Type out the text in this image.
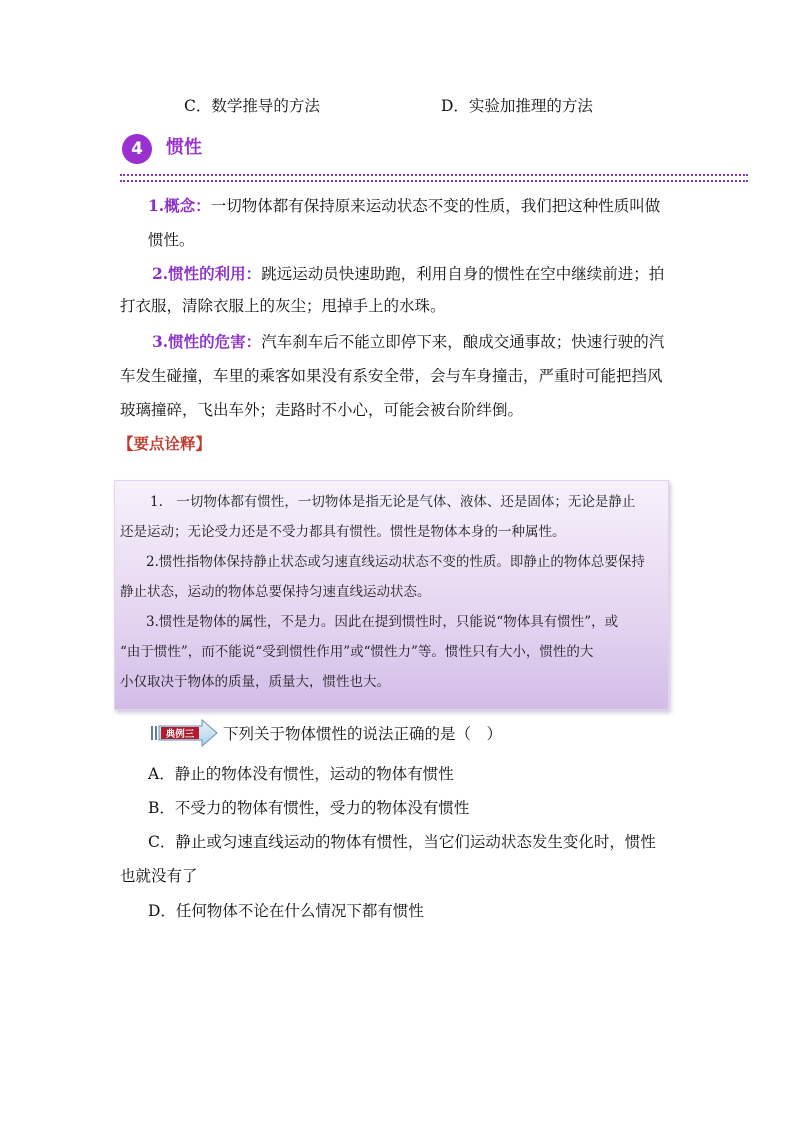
C．数学推导的方法	D．实验加推理的方法
4	惯性
1.概念：一切物体都有保持原来运动状态不变的性质，我们把这种性质叫做
惯性。
2.惯性的利用：跳远运动员快速助跑，利用自身的惯性在空中继续前进；拍
打衣服，清除衣服上的灰尘；甩掉手上的水珠。
3.惯性的危害：汽车刹车后不能立即停下来，酿成交通事故；快速行驶的汽
车发生碰撞，车里的乘客如果没有系安全带，会与车身撞击，严重时可能把挡风
玻璃撞碎，飞出车外；走路时不小心，可能会被台阶绊倒。
【要点诠释】
1.　一切物体都有惯性，一切物体是指无论是气体、液体、还是固体；无论是静止
还是运动；无论受力还是不受力都具有惯性。惯性是物体本身的一种属性。
2.惯性指物体保持静止状态或匀速直线运动状态不变的性质。即静止的物体总要保持
静止状态，运动的物体总要保持匀速直线运动状态。
3.惯性是物体的属性，不是力。因此在提到惯性时，只能说“物体具有惯性”，或
“由于惯性”，而不能说“受到惯性作用”或“惯性力”等。惯性只有大小，惯性的大
小仅取决于物体的质量，质量大，惯性也大。
典例三 下列关于物体惯性的说法正确的是（　）
A．静止的物体没有惯性，运动的物体有惯性
B．不受力的物体有惯性，受力的物体没有惯性
C．静止或匀速直线运动的物体有惯性，当它们运动状态发生变化时，惯性
也就没有了
D．任何物体不论在什么情况下都有惯性
